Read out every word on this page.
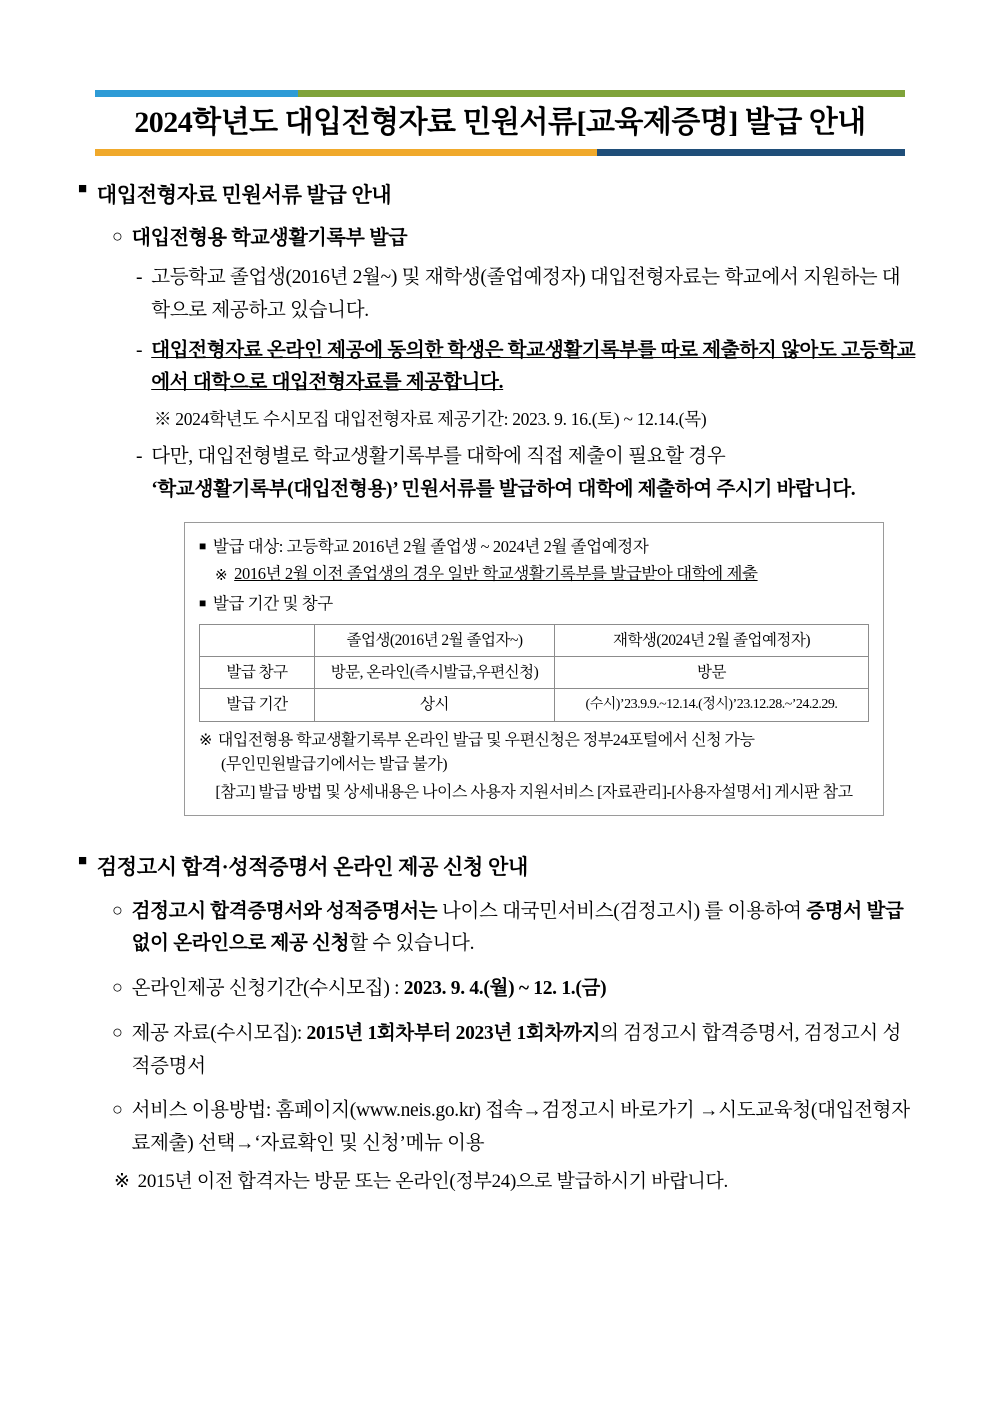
2024학년도 대입전형자료 민원서류[교육제증명] 발급 안내
■ 대입전형자료 민원서류 발급 안내
○ 대입전형용 학교생활기록부 발급
- 고등학교 졸업생(2016년 2월~) 및 재학생(졸업예정자) 대입전형자료는 학교에서 지원하는 대학으로 제공하고 있습니다.
- 대입전형자료 온라인 제공에 동의한 학생은 학교생활기록부를 따로 제출하지 않아도 고등학교에서 대학으로 대입전형자료를 제공합니다.
※ 2024학년도 수시모집 대입전형자료 제공기간: 2023. 9. 16.(토) ~ 12.14.(목)
- 다만, 대입전형별로 학교생활기록부를 대학에 직접 제출이 필요할 경우
‘학교생활기록부(대입전형용)’ 민원서류를 발급하여 대학에 제출하여 주시기 바랍니다.
■ 발급 대상: 고등학교 2016년 2월 졸업생 ~ 2024년 2월 졸업예정자
※ 2016년 2월 이전 졸업생의 경우 일반 학교생활기록부를 발급받아 대학에 제출
■ 발급 기간 및 창구
	졸업생(2016년 2월 졸업자~)	재학생(2024년 2월 졸업예정자)
발급 창구	방문, 온라인(즉시발급,우편신청)	방문
발급 기간	상시	(수시)’23.9.9.~12.14.(정시)’23.12.28.~’24.2.29.
※ 대입전형용 학교생활기록부 온라인 발급 및 우편신청은 정부24포털에서 신청 가능
(무인민원발급기에서는 발급 불가)
[참고] 발급 방법 및 상세내용은 나이스 사용자 지원서비스 [자료관리]-[사용자설명서] 게시판 참고
■ 검정고시 합격·성적증명서 온라인 제공 신청 안내
○ 검정고시 합격증명서와 성적증명서는 나이스 대국민서비스(검정고시) 를 이용하여 증명서 발급 없이 온라인으로 제공 신청할 수 있습니다.
○ 온라인제공 신청기간(수시모집) : 2023. 9. 4.(월) ~ 12. 1.(금)
○ 제공 자료(수시모집): 2015년 1회차부터 2023년 1회차까지의 검정고시 합격증명서, 검정고시 성적증명서
○ 서비스 이용방법: 홈페이지(www.neis.go.kr) 접속→검정고시 바로가기 →시도교육청(대입전형자료제출) 선택→‘자료확인 및 신청’메뉴 이용
※ 2015년 이전 합격자는 방문 또는 온라인(정부24)으로 발급하시기 바랍니다.
